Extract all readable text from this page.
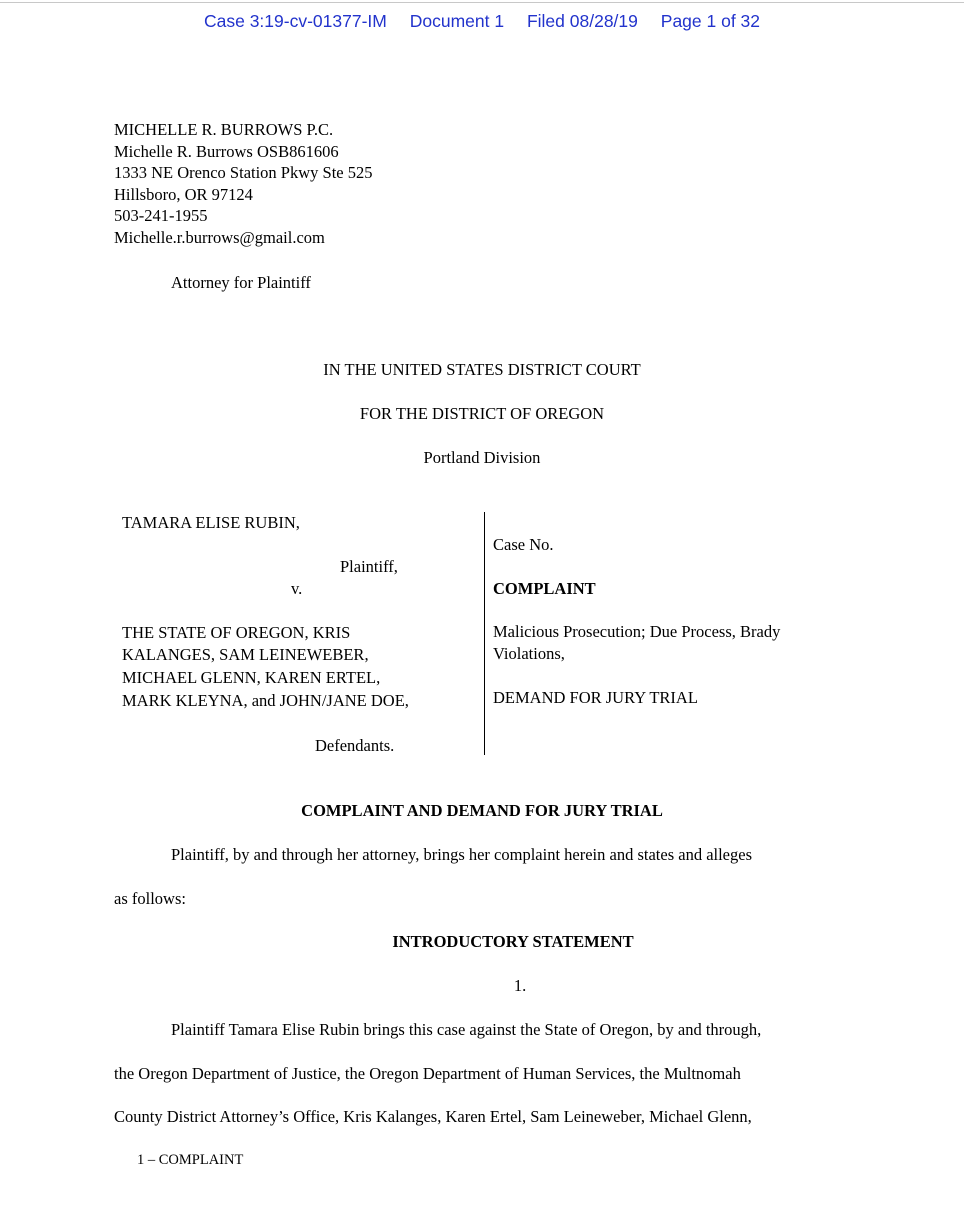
Case 3:19-cv-01377-IM Document 1 Filed 08/28/19 Page 1 of 32
MICHELLE R. BURROWS P.C.
Michelle R. Burrows OSB861606
1333 NE Orenco Station Pkwy Ste 525
Hillsboro, OR 97124
503-241-1955
Michelle.r.burrows@gmail.com
Attorney for Plaintiff
IN THE UNITED STATES DISTRICT COURT
FOR THE DISTRICT OF OREGON
Portland Division
TAMARA ELISE RUBIN,
Plaintiff,
v.
THE STATE OF OREGON, KRIS
KALANGES, SAM LEINEWEBER,
MICHAEL GLENN, KAREN ERTEL,
MARK KLEYNA, and JOHN/JANE DOE,
Defendants.
Case No.
COMPLAINT
Malicious Prosecution; Due Process, Brady
Violations,
DEMAND FOR JURY TRIAL
COMPLAINT AND DEMAND FOR JURY TRIAL
Plaintiff, by and through her attorney, brings her complaint herein and states and alleges
as follows:
INTRODUCTORY STATEMENT
1.
Plaintiff Tamara Elise Rubin brings this case against the State of Oregon, by and through,
the Oregon Department of Justice, the Oregon Department of Human Services, the Multnomah
County District Attorney’s Office, Kris Kalanges, Karen Ertel, Sam Leineweber, Michael Glenn,
1 – COMPLAINT
